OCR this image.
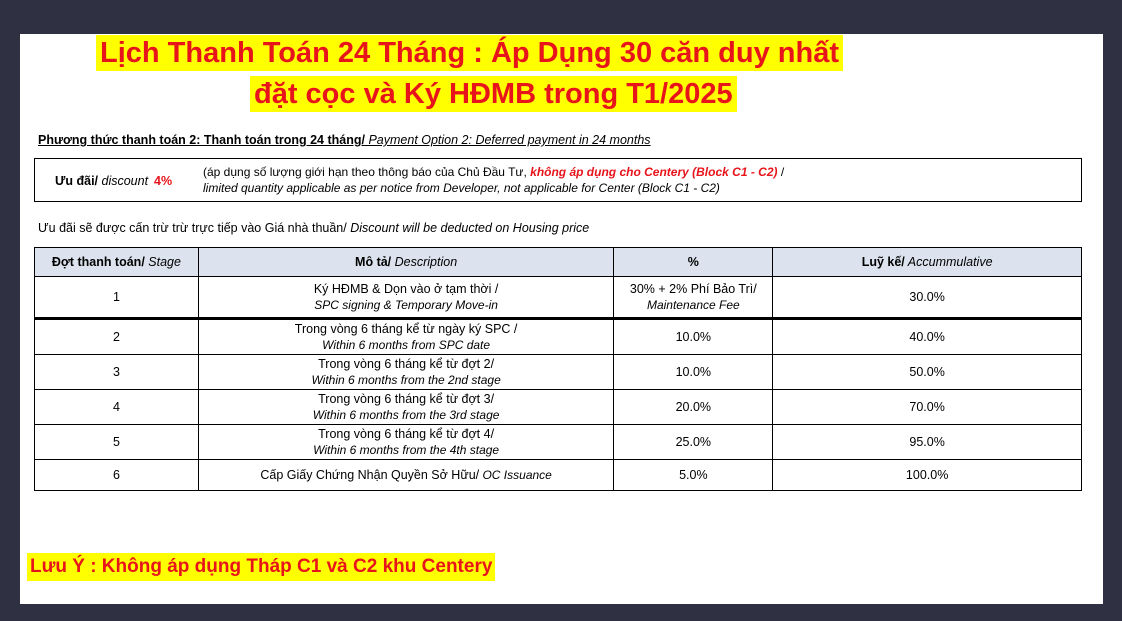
Lịch Thanh Toán 24 Tháng : Áp Dụng 30 căn duy nhất
đặt cọc và Ký HĐMB trong T1/2025
Phương thức thanh toán 2: Thanh toán trong 24 tháng/ Payment Option 2: Deferred payment in 24 months
Ưu đãi/ discount 4%
(áp dụng số lượng giới hạn theo thông báo của Chủ Đầu Tư, không áp dụng cho Centery (Block C1 - C2) /
limited quantity applicable as per notice from Developer, not applicable for Center (Block C1 - C2)
Ưu đãi sẽ được cấn trừ trừ trực tiếp vào Giá nhà thuần/ Discount will be deducted on Housing price
Đợt thanh toán/ Stage	Mô tả/ Description	%	Luỹ kế/ Accummulative
1	Ký HĐMB & Dọn vào ở tạm thời /
SPC signing & Temporary Move-in	30% + 2% Phí Bảo Trì/
Maintenance Fee	30.0%
2	Trong vòng 6 tháng kể từ ngày ký SPC /
Within 6 months from SPC date	10.0%	40.0%
3	Trong vòng 6 tháng kể từ đợt 2/
Within 6 months from the 2nd stage	10.0%	50.0%
4	Trong vòng 6 tháng kể từ đợt 3/
Within 6 months from the 3rd stage	20.0%	70.0%
5	Trong vòng 6 tháng kể từ đợt 4/
Within 6 months from the 4th stage	25.0%	95.0%
6	Cấp Giấy Chứng Nhận Quyền Sở Hữu/ OC Issuance	5.0%	100.0%
Lưu Ý : Không áp dụng Tháp C1 và C2 khu Centery
